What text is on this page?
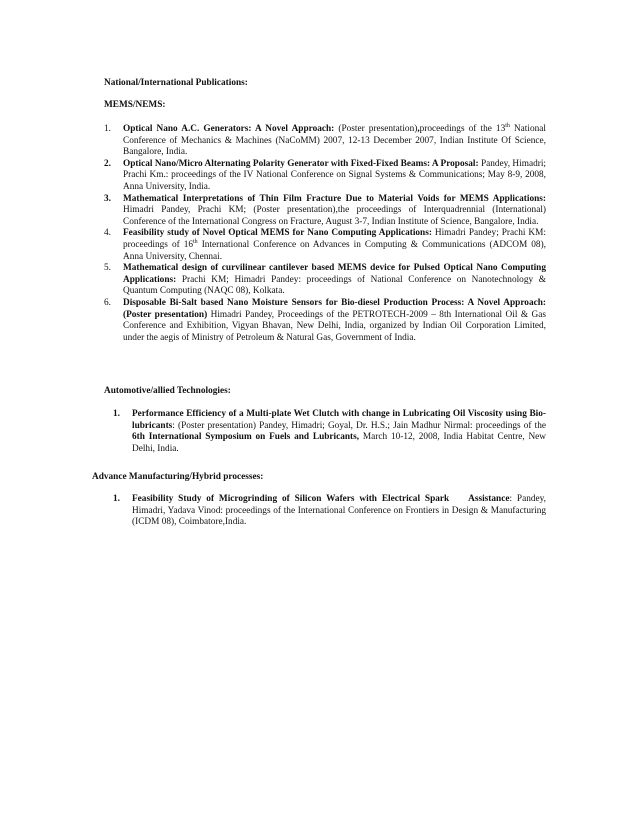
National/International Publications:
MEMS/NEMS:
1. Optical Nano A.C. Generators: A Novel Approach: (Poster presentation),proceedings of the 13th National Conference of Mechanics & Machines (NaCoMM) 2007, 12-13 December 2007, Indian Institute Of Science, Bangalore, India.
2. Optical Nano/Micro Alternating Polarity Generator with Fixed-Fixed Beams: A Proposal: Pandey, Himadri; Prachi Km.: proceedings of the IV National Conference on Signal Systems & Communications; May 8-9, 2008, Anna University, India.
3. Mathematical Interpretations of Thin Film Fracture Due to Material Voids for MEMS Applications: Himadri Pandey, Prachi KM; (Poster presentation),the proceedings of Interquadrennial (International) Conference of the International Congress on Fracture, August 3-7, Indian Institute of Science, Bangalore, India.
4. Feasibility study of Novel Optical MEMS for Nano Computing Applications: Himadri Pandey; Prachi KM: proceedings of 16th International Conference on Advances in Computing & Communications (ADCOM 08), Anna University, Chennai.
5. Mathematical design of curvilinear cantilever based MEMS device for Pulsed Optical Nano Computing Applications: Prachi KM; Himadri Pandey: proceedings of National Conference on Nanotechnology & Quantum Computing (NAQC 08), Kolkata.
6. Disposable Bi-Salt based Nano Moisture Sensors for Bio-diesel Production Process: A Novel Approach: (Poster presentation) Himadri Pandey, Proceedings of the PETROTECH-2009 – 8th International Oil & Gas Conference and Exhibition, Vigyan Bhavan, New Delhi, India, organized by Indian Oil Corporation Limited, under the aegis of Ministry of Petroleum & Natural Gas, Government of India.
Automotive/allied Technologies:
1. Performance Efficiency of a Multi-plate Wet Clutch with change in Lubricating Oil Viscosity using Bio-lubricants: (Poster presentation) Pandey, Himadri; Goyal, Dr. H.S.; Jain Madhur Nirmal: proceedings of the 6th International Symposium on Fuels and Lubricants, March 10-12, 2008, India Habitat Centre, New Delhi, India.
Advance Manufacturing/Hybrid processes:
1. Feasibility Study of Microgrinding of Silicon Wafers with Electrical Spark    Assistance: Pandey, Himadri, Yadava Vinod: proceedings of the International Conference on Frontiers in Design & Manufacturing (ICDM 08), Coimbatore,India.
